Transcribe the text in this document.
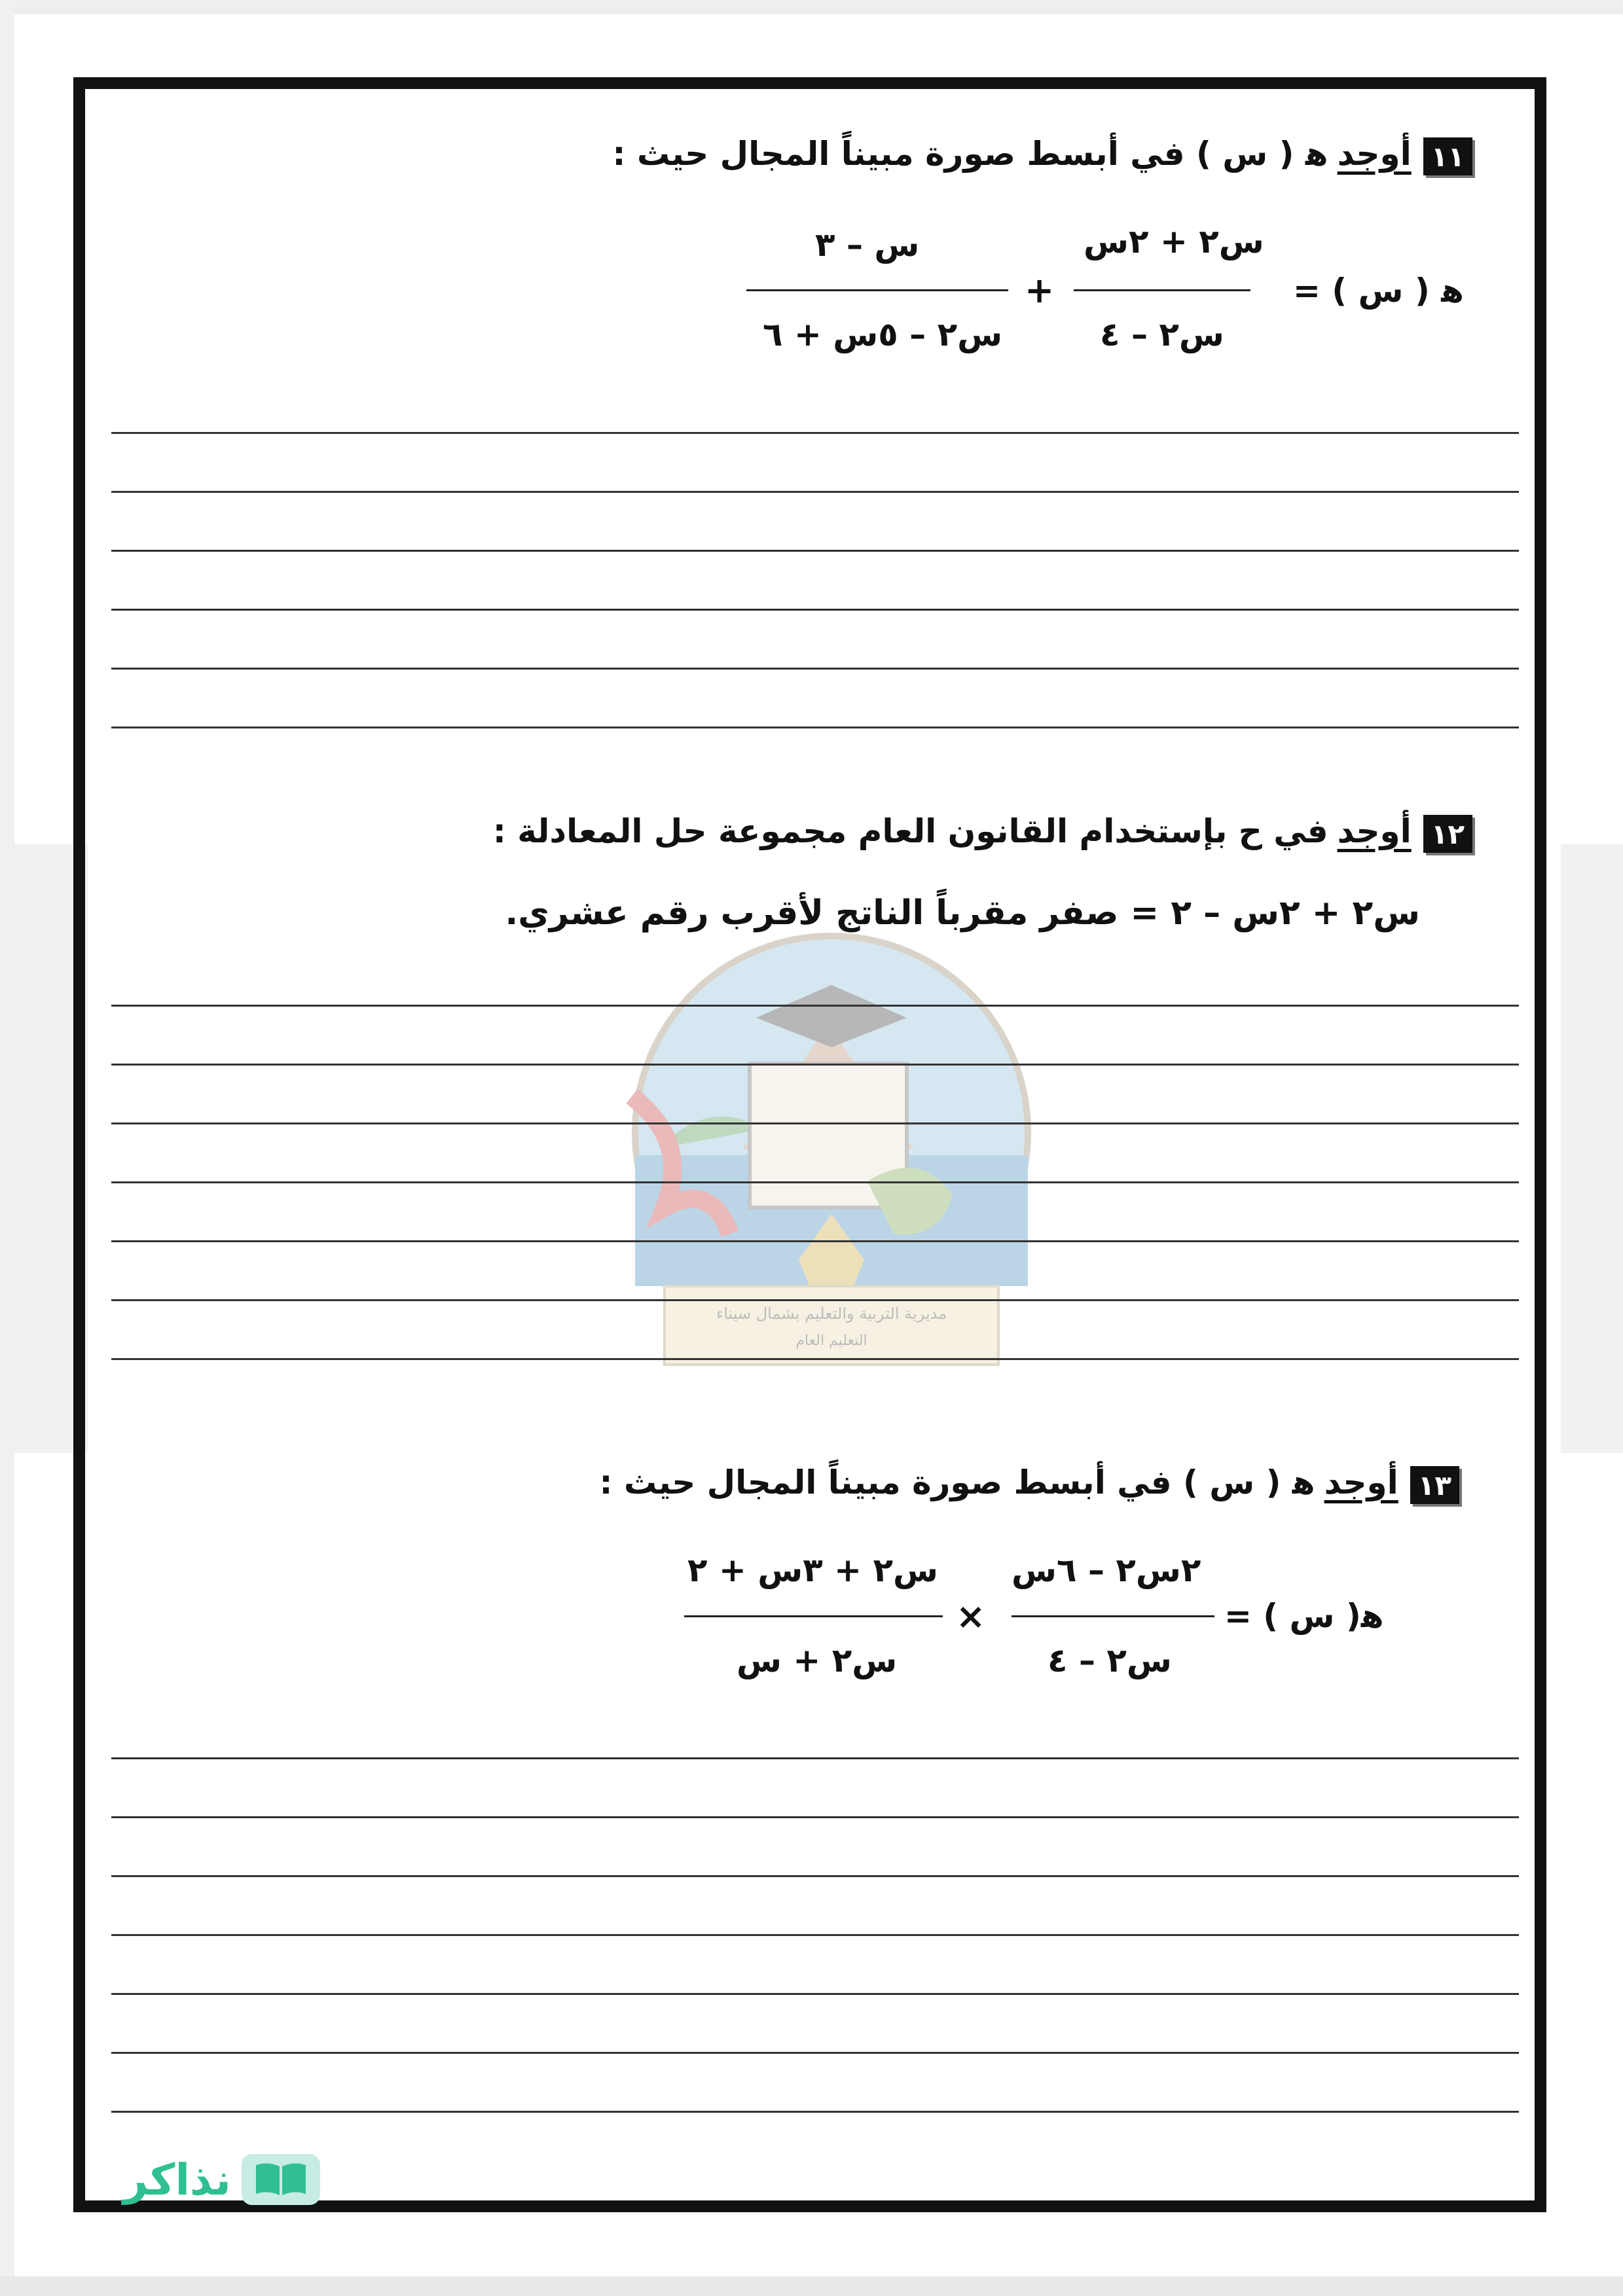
مديرية التربية والتعليم بشمال سيناء
التعليم العام
١١أوجدﻫ ( س ) في أبسط صورة مبيناً المجال حيث :
ﻫ ( س ) =
س٢ + ٢س
س٢ – ٤
+
س – ٣
س٢ – ٥س + ٦
١٢أوجدفي ح بإستخدام القانون العام مجموعة حل المعادلة :
س٢ + ٢س – ٢ = صفر مقرباً الناتج لأقرب رقم عشري.
١٣أوجدﻫ ( س ) في أبسط صورة مبيناً المجال حيث :
ﻫ( س ) =
٢س٢ – ٦س
س٢ – ٤
×
س٢ + ٣س + ٢
س٢ + س
نذاكر
